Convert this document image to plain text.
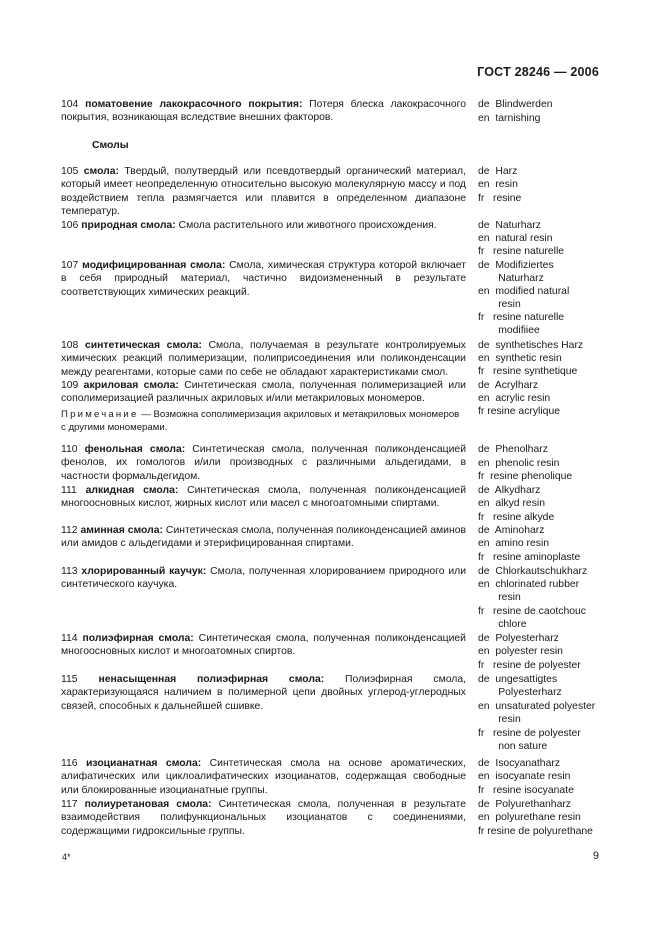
ГОСТ 28246 — 2006
104 поматовение лакокрасочного покрытия: Потеря блеска лакокрасочного покрытия, возникающая вследствие внешних факторов.
Смолы
105 смола: Твердый, полутвердый или псевдотвердый органический материал, который имеет неопределенную относительно высокую молекулярную массу и под воздействием тепла размягчается или плавится в определенном диапазоне температур.
106 природная смола: Смола растительного или животного происхождения.
107 модифицированная смола: Смола, химическая структура которой включает в себя природный материал, частично видоизмененный в результате соответствующих химических реакций.
108 синтетическая смола: Смола, получаемая в результате контролируемых химических реакций полимеризации, полиприсоединения или поликонденсации между реагентами, которые сами по себе не обладают характеристиками смол.
109 акриловая смола: Синтетическая смола, полученная полимеризацией или сополимеризацией различных акриловых и/или метакриловых мономеров.
Примечание — Возможна сополимеризация акриловых и метакриловых мономеров с другими мономерами.
110 фенольная смола: Синтетическая смола, полученная поликонденсацией фенолов, их гомологов и/или производных с различными альдегидами, в частности формальдегидом.
111 алкидная смола: Синтетическая смола, полученная поликонденсацией многоосновных кислот, жирных кислот или масел с многоатомными спиртами.
112 аминная смола: Синтетическая смола, полученная поликонденсацией аминов или амидов с альдегидами и этерифицированная спиртами.
113 хлорированный каучук: Смола, полученная хлорированием природного или синтетического каучука.
114 полиэфирная смола: Синтетическая смола, полученная поликонденсацией многоосновных кислот и многоатомных спиртов.
115 ненасыщенная полиэфирная смола: Полиэфирная смола, характеризующаяся наличием в полимерной цепи двойных углерод-углеродных связей, способных к дальнейшей сшивке.
116 изоцианатная смола: Синтетическая смола на основе ароматических, алифатических или циклоалифатических изоцианатов, содержащая свободные или блокированные изоцианатные группы.
117 полиуретановая смола: Синтетическая смола, полученная в результате взаимодействия полифункциональных изоцианатов с соединениями, содержащими гидроксильные группы.
de  Blindwerden
en  tarnishing
de  Harz
en  resin
fr   resine
de  Naturharz
en  natural resin
fr   resine naturelle
de  Modifiziertes
Naturharz
en  modified natural
resin
fr   resine naturelle
modifiiee
de  synthetisches Harz
en  synthetic resin
fr   resine synthetique
de  Acrylharz
en  acrylic resin
fr resine acrylique
de  Phenolharz
en  phenolic resin
fr  resine phenolique
de  Alkydharz
en  alkyd resin
fr   resine alkyde
de  Aminoharz
en  amino resin
fr   resine aminoplaste
de  Chlorkautschukharz
en  chlorinated rubber
resin
fr   resine de caotchouc
chlore
de  Polyesterharz
en  polyester resin
fr   resine de polyester
de  ungesattigtes
Polyesterharz
en  unsaturated polyester
resin
fr   resine de polyester
non sature
de  Isocyanatharz
en  isocyanate resin
fr   resine isocyanate
de  Polyurethanharz
en  polyurethane resin
fr resine de polyurethane
4*	9
